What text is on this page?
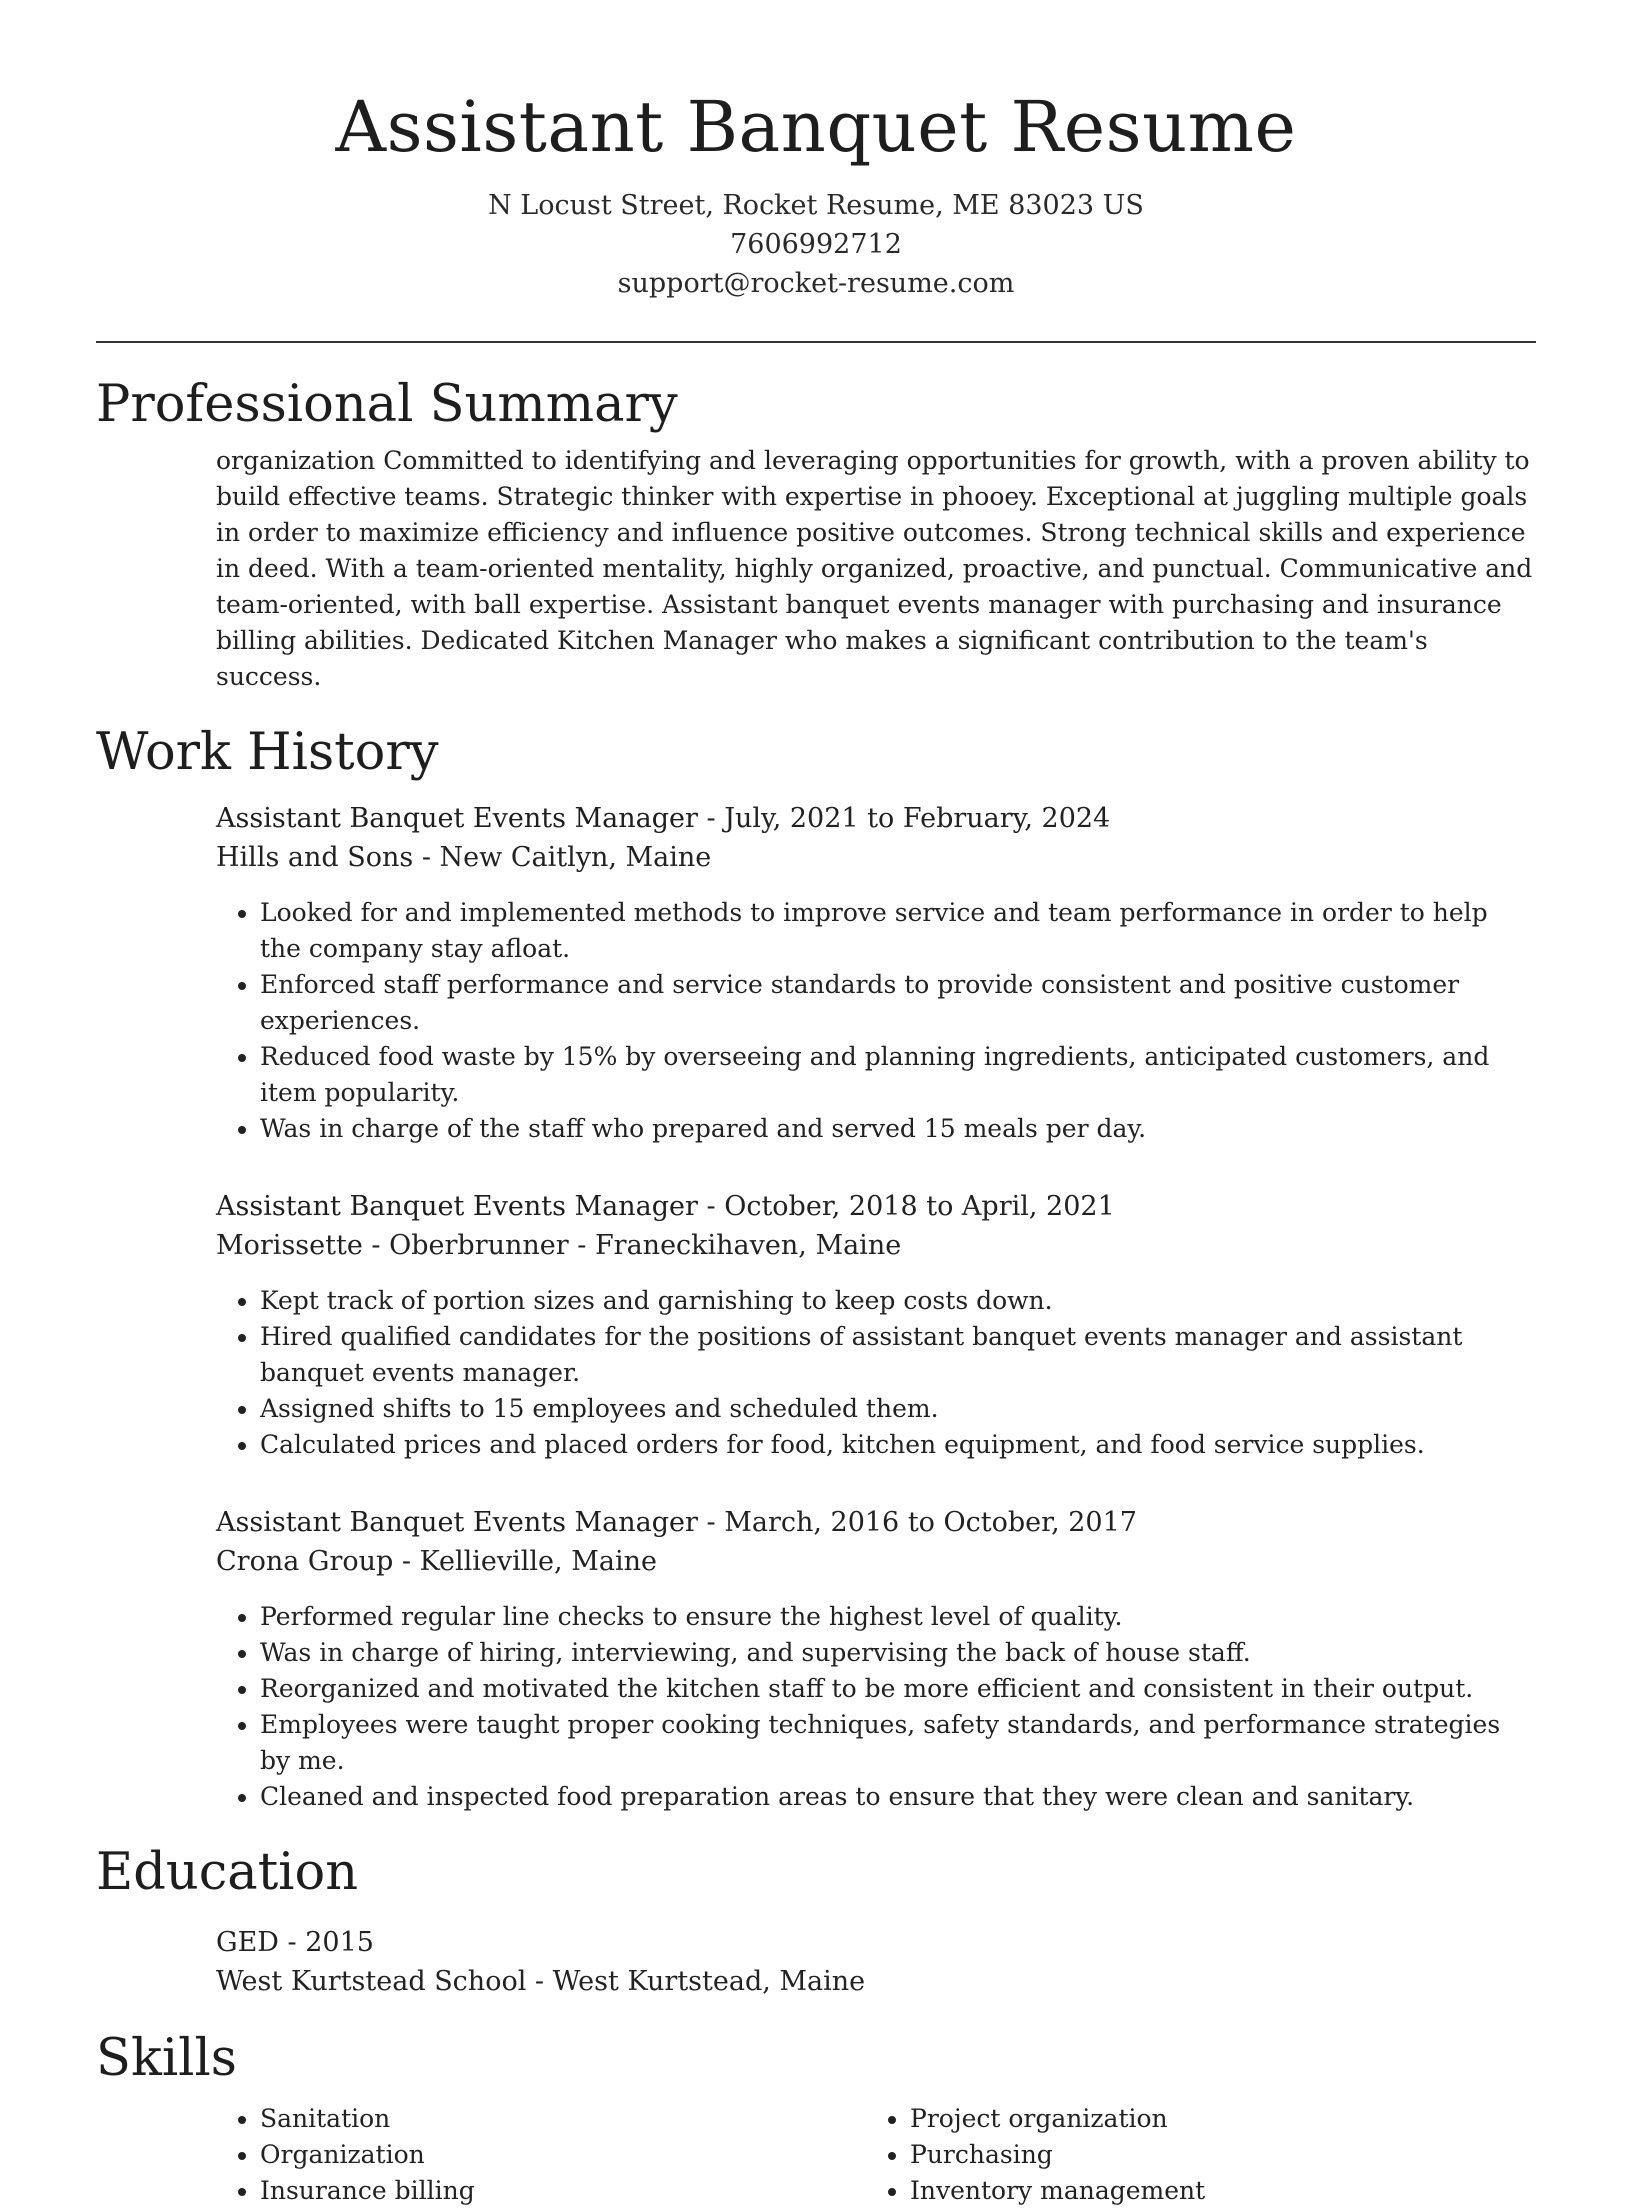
Assistant Banquet Resume
N Locust Street, Rocket Resume, ME 83023 US
7606992712
support@rocket-resume.com
Professional Summary

organization Committed to identifying and leveraging opportunities for growth, with a proven ability to build effective teams. Strategic thinker with expertise in phooey. Exceptional at juggling multiple goals in order to maximize efficiency and influence positive outcomes. Strong technical skills and experience in deed. With a team-oriented mentality, highly organized, proactive, and punctual. Communicative and team-oriented, with ball expertise. Assistant banquet events manager with purchasing and insurance billing abilities. Dedicated Kitchen Manager who makes a significant contribution to the team's success.

Work History
Assistant Banquet Events Manager - July, 2021 to February, 2024
Hills and Sons - New Caitlyn, Maine
• Looked for and implemented methods to improve service and team performance in order to help the company stay afloat.
• Enforced staff performance and service standards to provide consistent and positive customer experiences.
• Reduced food waste by 15% by overseeing and planning ingredients, anticipated customers, and item popularity.
• Was in charge of the staff who prepared and served 15 meals per day.
Assistant Banquet Events Manager - October, 2018 to April, 2021
Morissette - Oberbrunner - Franeckihaven, Maine
• Kept track of portion sizes and garnishing to keep costs down.
• Hired qualified candidates for the positions of assistant banquet events manager and assistant banquet events manager.
• Assigned shifts to 15 employees and scheduled them.
• Calculated prices and placed orders for food, kitchen equipment, and food service supplies.
Assistant Banquet Events Manager - March, 2016 to October, 2017
Crona Group - Kellieville, Maine
• Performed regular line checks to ensure the highest level of quality.
• Was in charge of hiring, interviewing, and supervising the back of house staff.
• Reorganized and motivated the kitchen staff to be more efficient and consistent in their output.
• Employees were taught proper cooking techniques, safety standards, and performance strategies by me.
• Cleaned and inspected food preparation areas to ensure that they were clean and sanitary.
Education
GED - 2015
West Kurtstead School - West Kurtstead, Maine
Skills
• Sanitation
• Organization
• Insurance billing
• Project organization
• Purchasing
• Inventory management
